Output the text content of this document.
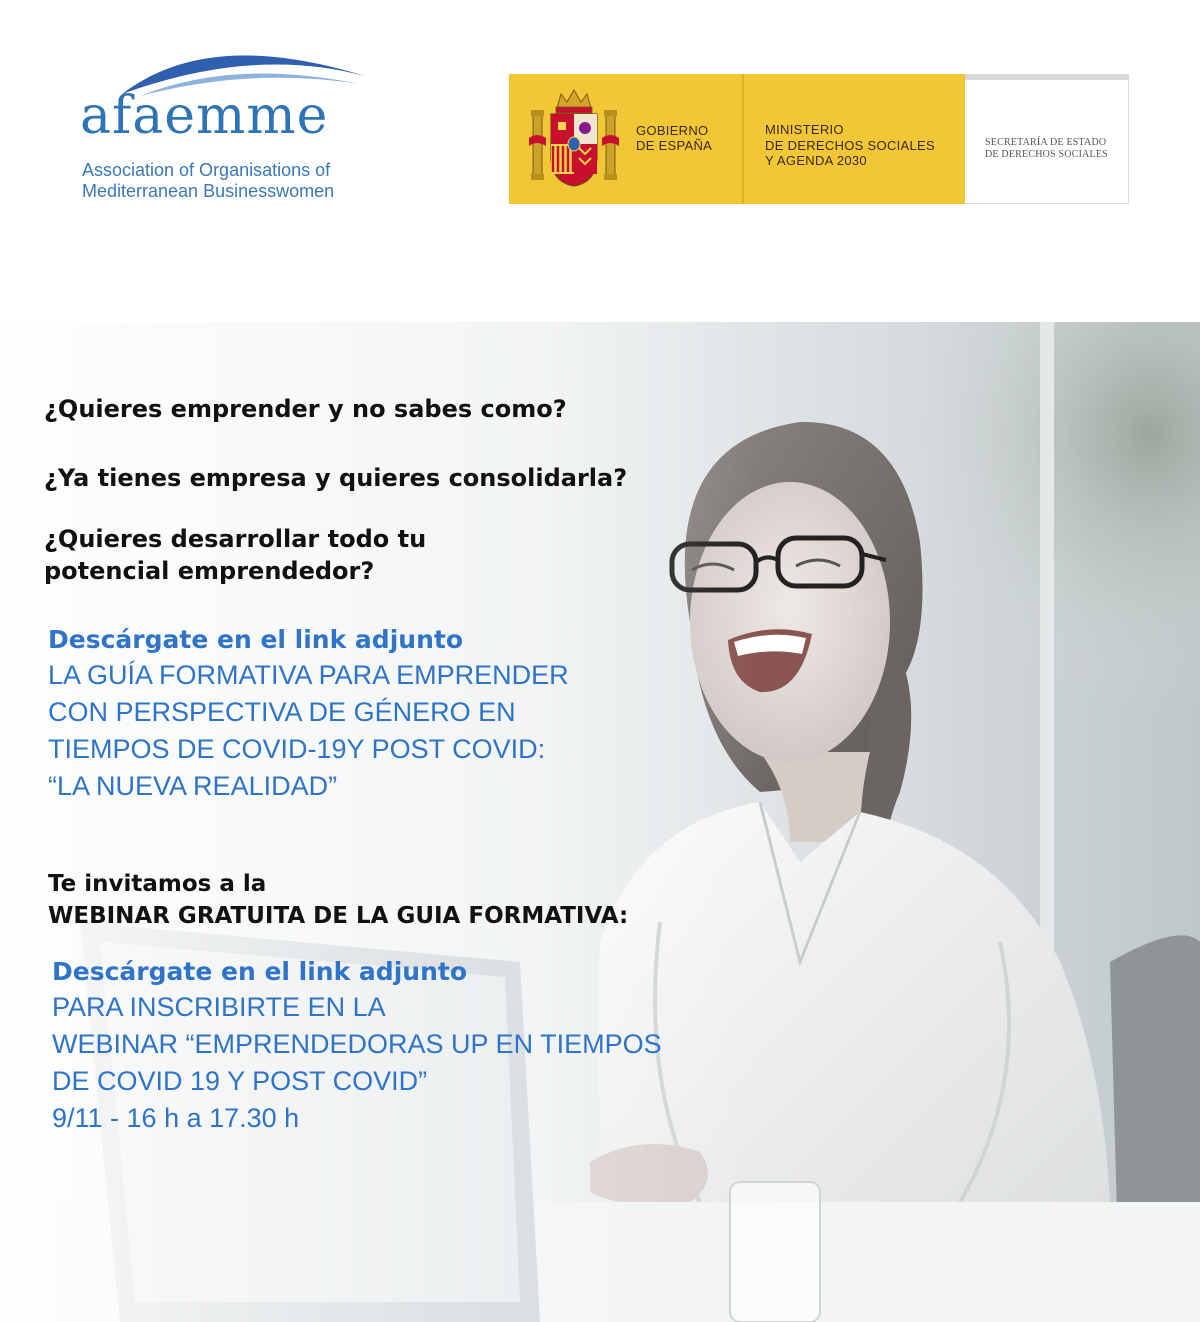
afaemme
Association of Organisations of
Mediterranean Businesswomen
GOBIERNO
DE ESPAÑA
MINISTERIO
DE DERECHOS SOCIALES
Y AGENDA 2030
SECRETARÍA DE ESTADO
DE DERECHOS SOCIALES
¿Quieres emprender y no sabes como?
¿Ya tienes empresa y quieres consolidarla?
¿Quieres desarrollar todo tu
potencial emprendedor?
Descárgate en el link adjunto
LA GUÍA FORMATIVA PARA EMPRENDER
CON PERSPECTIVA DE GÉNERO EN
TIEMPOS DE COVID-19Y POST COVID:
“LA NUEVA REALIDAD”
Te invitamos a la
WEBINAR GRATUITA DE LA GUIA FORMATIVA:
Descárgate en el link adjunto
PARA INSCRIBIRTE EN LA
WEBINAR “EMPRENDEDORAS UP EN TIEMPOS
DE COVID 19 Y POST COVID”
9/11 - 16 h a 17.30 h
